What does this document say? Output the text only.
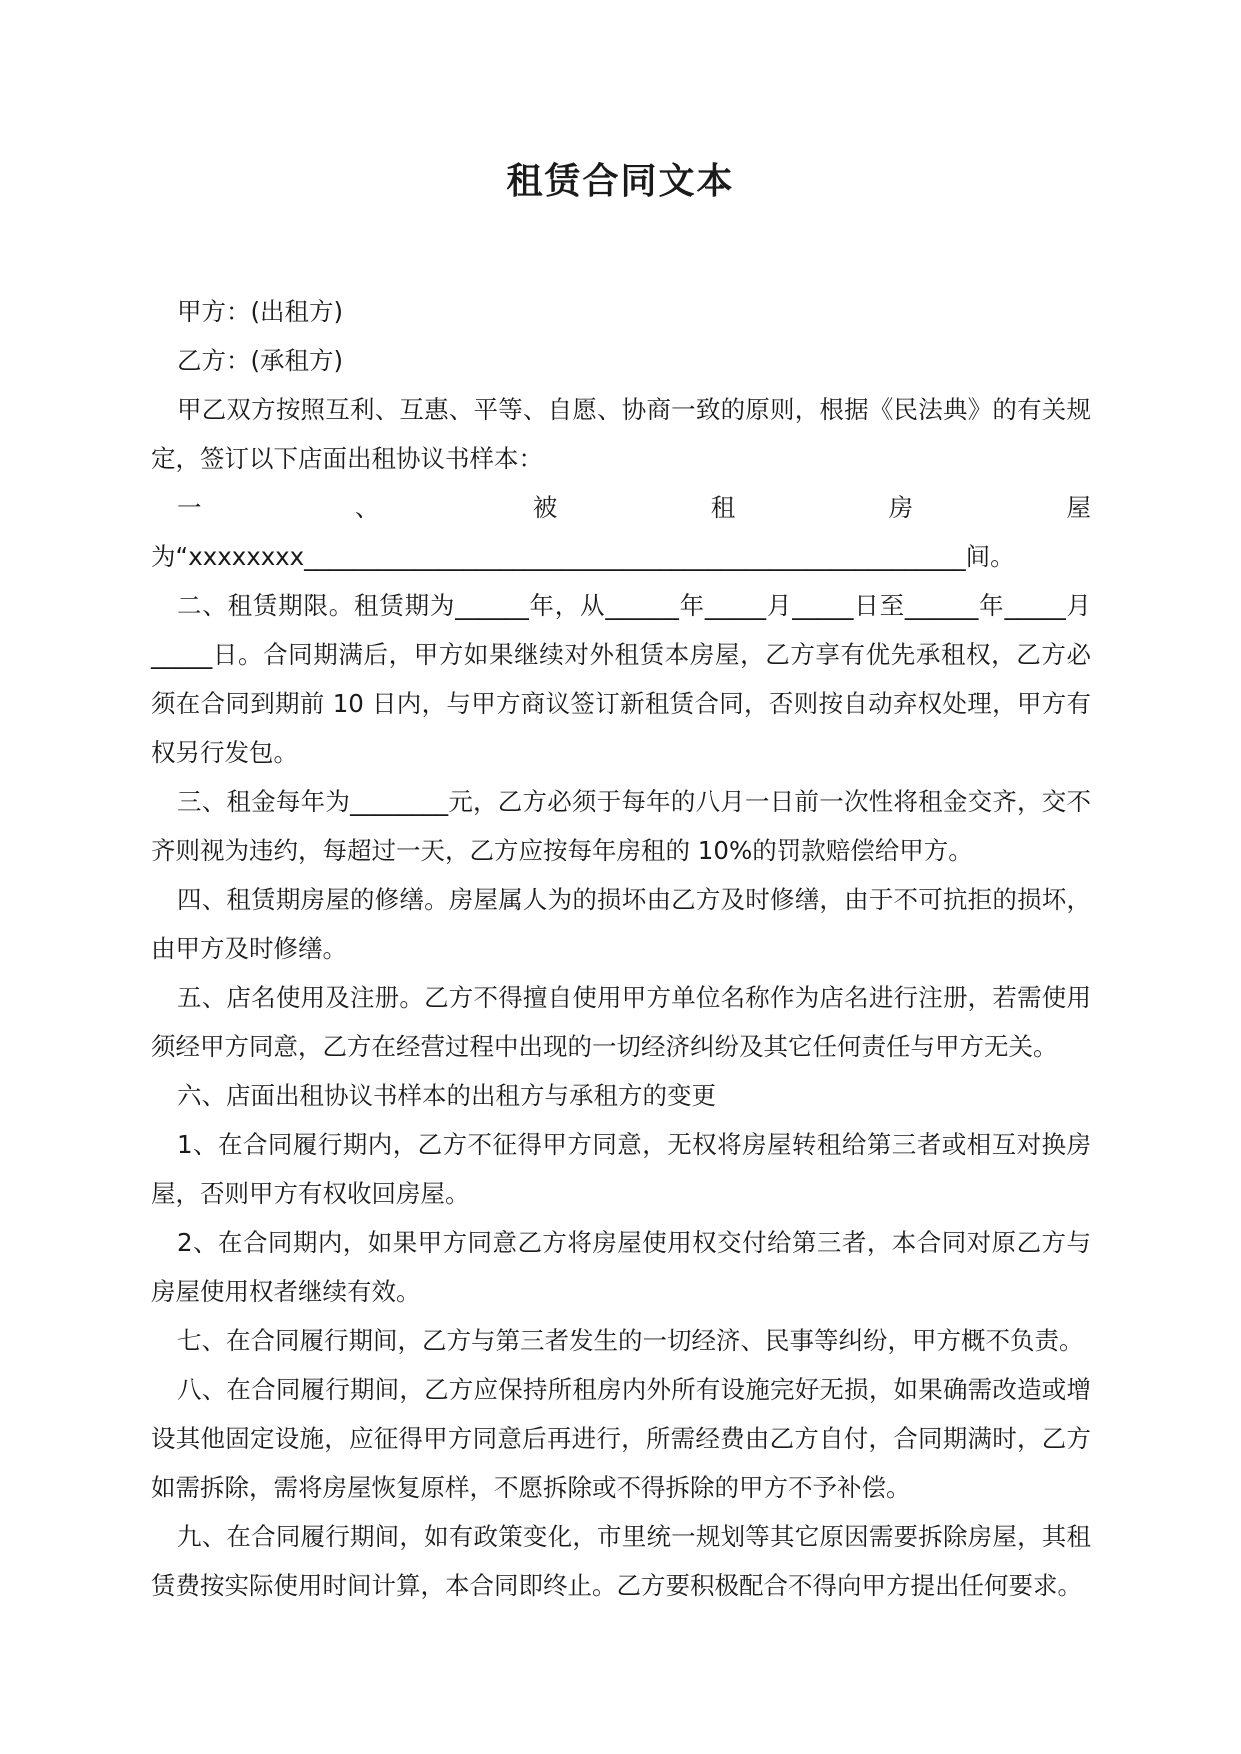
租赁合同文本

甲方：(出租方)

乙方：(承租方)

甲乙双方按照互利、互惠、平等、自愿、协商一致的原则，根据《民法典》的有关规定，签订以下店面出租协议书样本：

一、被租房屋为“xxxxxxxx______________________________________________________间。

二、租赁期限。租赁期为______年，从______年_____月_____日至______年_____月_____日。合同期满后，甲方如果继续对外租赁本房屋，乙方享有优先承租权，乙方必须在合同到期前 10 日内，与甲方商议签订新租赁合同，否则按自动弃权处理，甲方有权另行发包。

三、租金每年为________元，乙方必须于每年的八月一日前一次性将租金交齐，交不齐则视为违约，每超过一天，乙方应按每年房租的 10%的罚款赔偿给甲方。

四、租赁期房屋的修缮。房屋属人为的损坏由乙方及时修缮，由于不可抗拒的损坏，由甲方及时修缮。

五、店名使用及注册。乙方不得擅自使用甲方单位名称作为店名进行注册，若需使用须经甲方同意，乙方在经营过程中出现的一切经济纠纷及其它任何责任与甲方无关。

六、店面出租协议书样本的出租方与承租方的变更

1、在合同履行期内，乙方不征得甲方同意，无权将房屋转租给第三者或相互对换房屋，否则甲方有权收回房屋。

2、在合同期内，如果甲方同意乙方将房屋使用权交付给第三者，本合同对原乙方与房屋使用权者继续有效。

七、在合同履行期间，乙方与第三者发生的一切经济、民事等纠纷，甲方概不负责。

八、在合同履行期间，乙方应保持所租房内外所有设施完好无损，如果确需改造或增设其他固定设施，应征得甲方同意后再进行，所需经费由乙方自付，合同期满时，乙方如需拆除，需将房屋恢复原样，不愿拆除或不得拆除的甲方不予补偿。

九、在合同履行期间，如有政策变化，市里统一规划等其它原因需要拆除房屋，其租赁费按实际使用时间计算，本合同即终止。乙方要积极配合不得向甲方提出任何要求。
